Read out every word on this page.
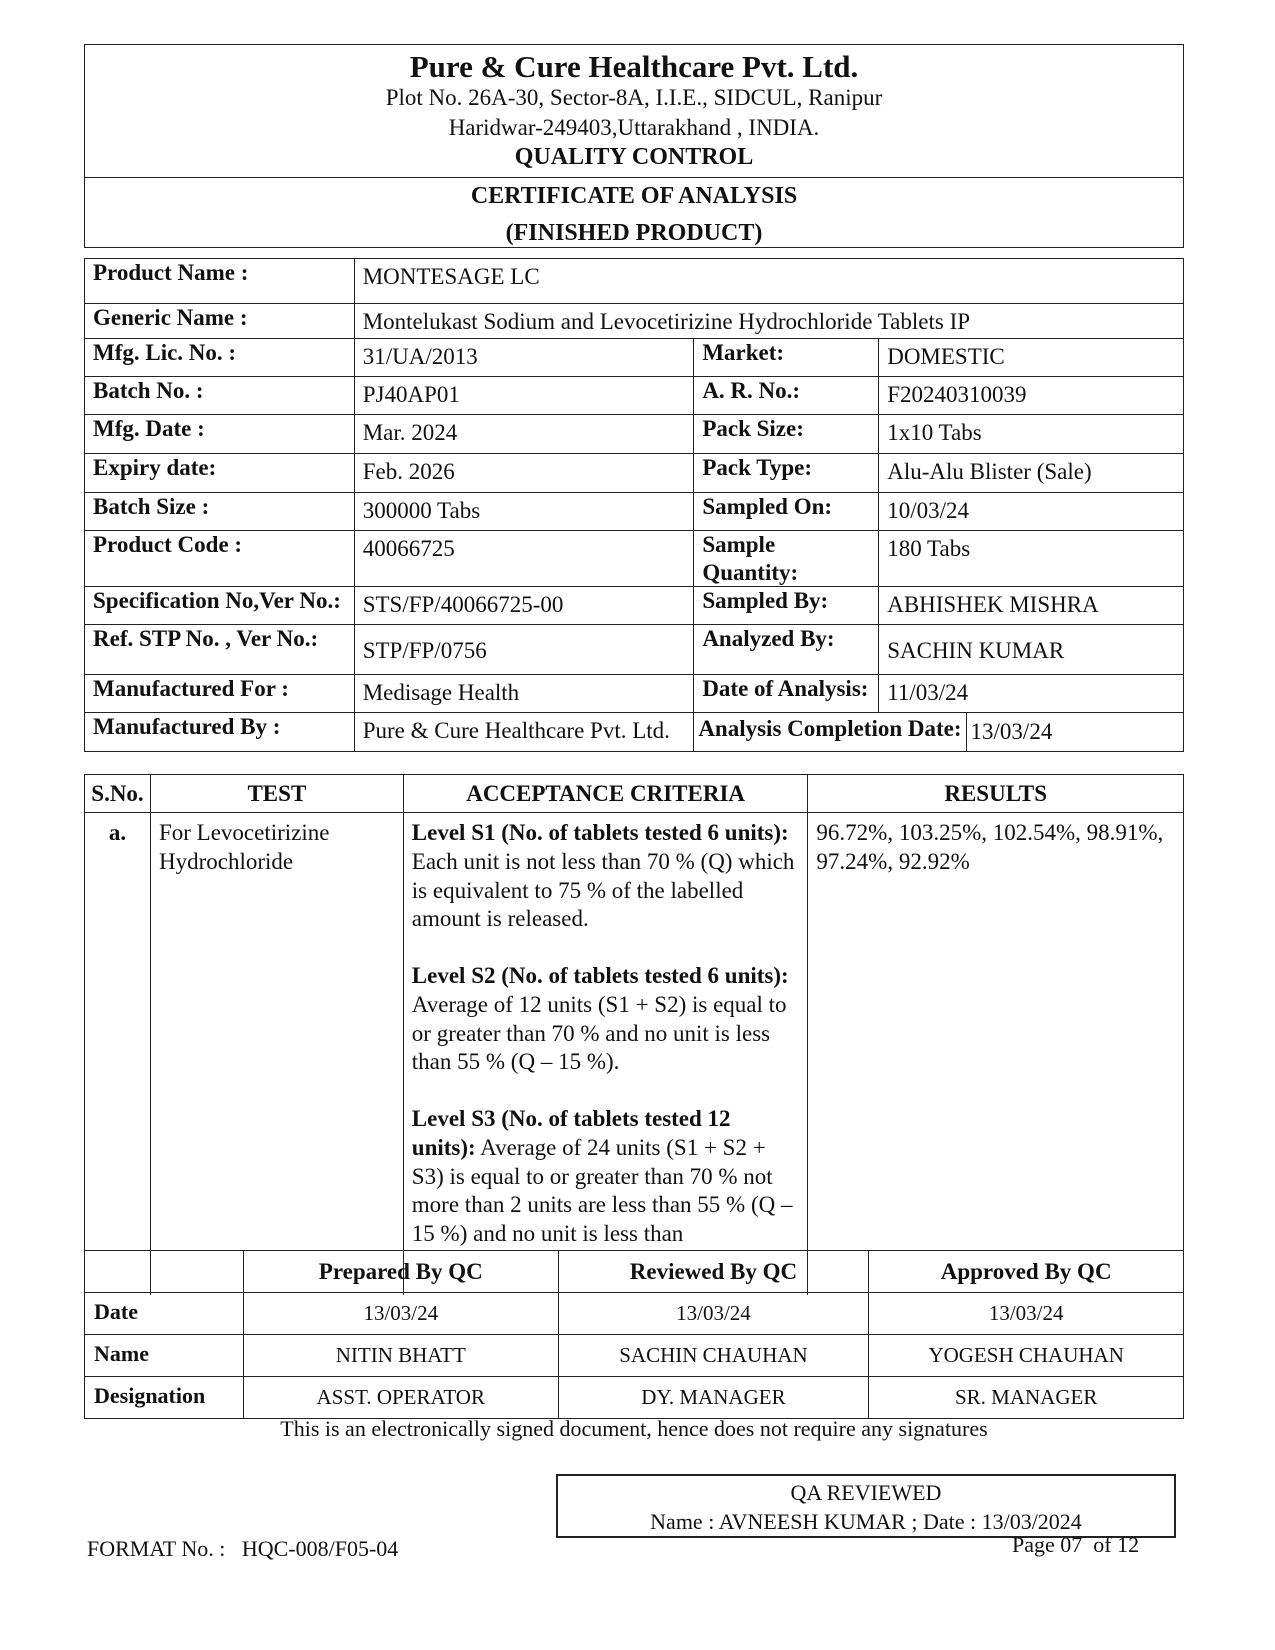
Pure & Cure Healthcare Pvt. Ltd.
Plot No. 26A-30, Sector-8A, I.I.E., SIDCUL, Ranipur
Haridwar-249403,Uttarakhand , INDIA.
QUALITY CONTROL
CERTIFICATE OF ANALYSIS
(FINISHED PRODUCT)
Product Name :	MONTESAGE LC		
Generic Name :	Montelukast Sodium and Levocetirizine Hydrochloride Tablets IP		
Mfg. Lic. No. :	31/UA/2013	Market:	DOMESTIC
Batch No. :	PJ40AP01	A. R. No.:	F20240310039
Mfg. Date :	Mar. 2024	Pack Size:	1x10 Tabs
Expiry date:	Feb. 2026	Pack Type:	Alu-Alu Blister (Sale)
Batch Size :	300000 Tabs	Sampled On:	10/03/24
Product Code :	40066725	Sample Quantity:	180 Tabs
Specification No,Ver No.:	STS/FP/40066725-00	Sampled By:	ABHISHEK MISHRA
Ref. STP No. , Ver No.:	STP/FP/0756	Analyzed By:	SACHIN KUMAR
Manufactured For :	Medisage Health	Date of Analysis:	11/03/24
Manufactured By :	Pure & Cure Healthcare Pvt. Ltd.	Analysis Completion Date: 13/03/24	
S.No.	TEST	ACCEPTANCE CRITERIA	RESULTS
a.	For Levocetirizine Hydrochloride	Level S1 (No. of tablets tested 6 units): Each unit is not less than 70 % (Q) which is equivalent to 75 % of the labelled amount is released.

Level S2 (No. of tablets tested 6 units): Average of 12 units (S1 + S2) is equal to or greater than 70 % and no unit is less than 55 % (Q – 15 %).

Level S3 (No. of tablets tested 12 units): Average of 24 units (S1 + S2 + S3) is equal to or greater than 70 % not more than 2 units are less than 55 % (Q – 15 %) and no unit is less than	96.72%, 103.25%, 102.54%, 98.91%, 97.24%, 92.92%
	Prepared By QC	Reviewed By QC	Approved By QC
Date	13/03/24	13/03/24	13/03/24
Name	NITIN BHATT	SACHIN CHAUHAN	YOGESH CHAUHAN
Designation	ASST. OPERATOR	DY. MANAGER	SR. MANAGER
This is an electronically signed document, hence does not require any signatures
QA REVIEWED
Name : AVNEESH KUMAR ; Date : 13/03/2024
FORMAT No. :   HQC-008/F05-04	Page 07  of 12
